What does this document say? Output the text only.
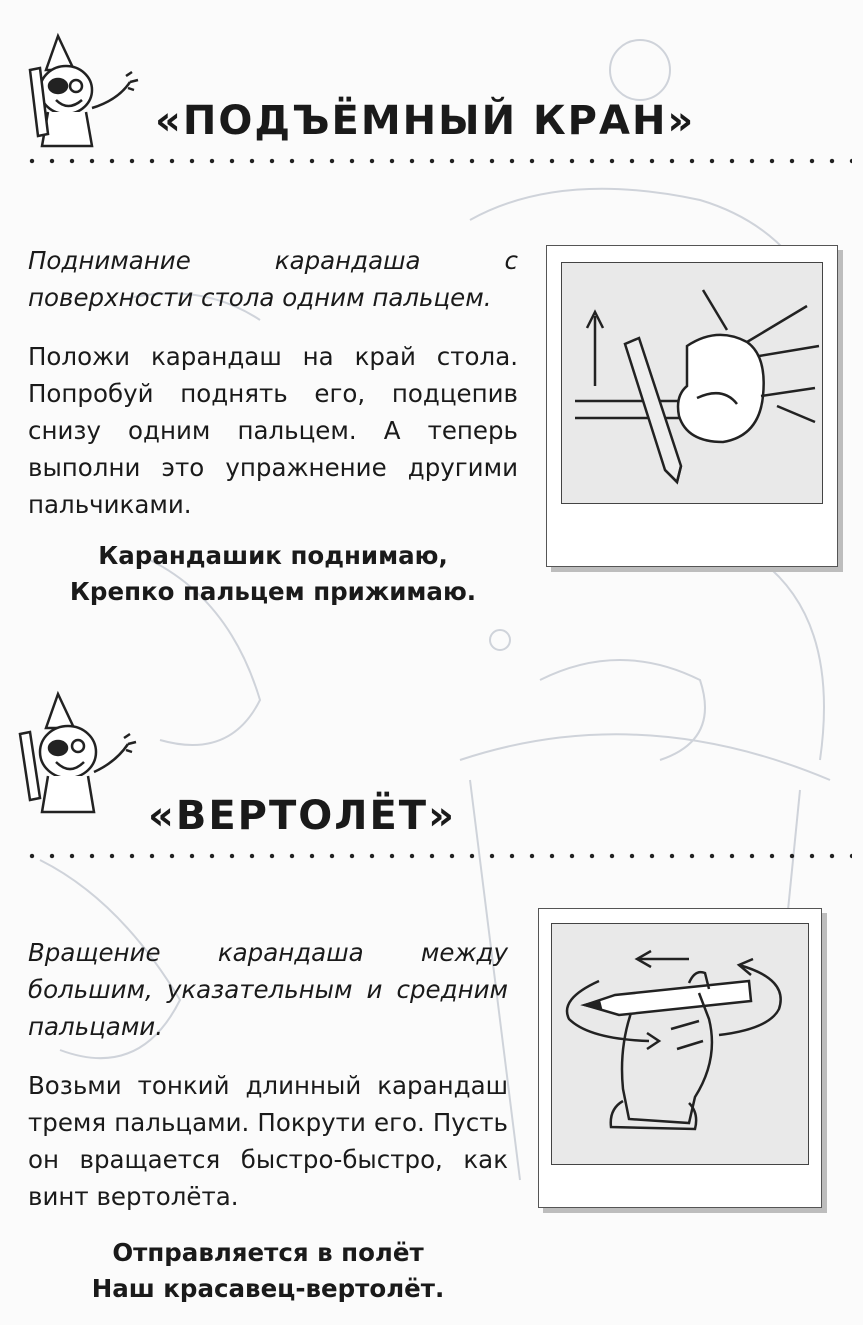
«ПОДЪЁМНЫЙ КРАН»
Поднимание карандаша с поверхности стола одним пальцем.
Положи карандаш на край стола. Попробуй поднять его, подцепив снизу одним пальцем. А теперь выполни это упражнение другими пальчиками.
Карандашик поднимаю,
Крепко пальцем прижимаю.
«ВЕРТОЛЁТ»
Вращение карандаша между большим, указательным и средним пальцами.
Возьми тонкий длинный карандаш тремя пальцами. Покрути его. Пусть он вращается быстро-быстро, как винт вертолёта.
Отправляется в полёт
Наш красавец-вертолёт.
